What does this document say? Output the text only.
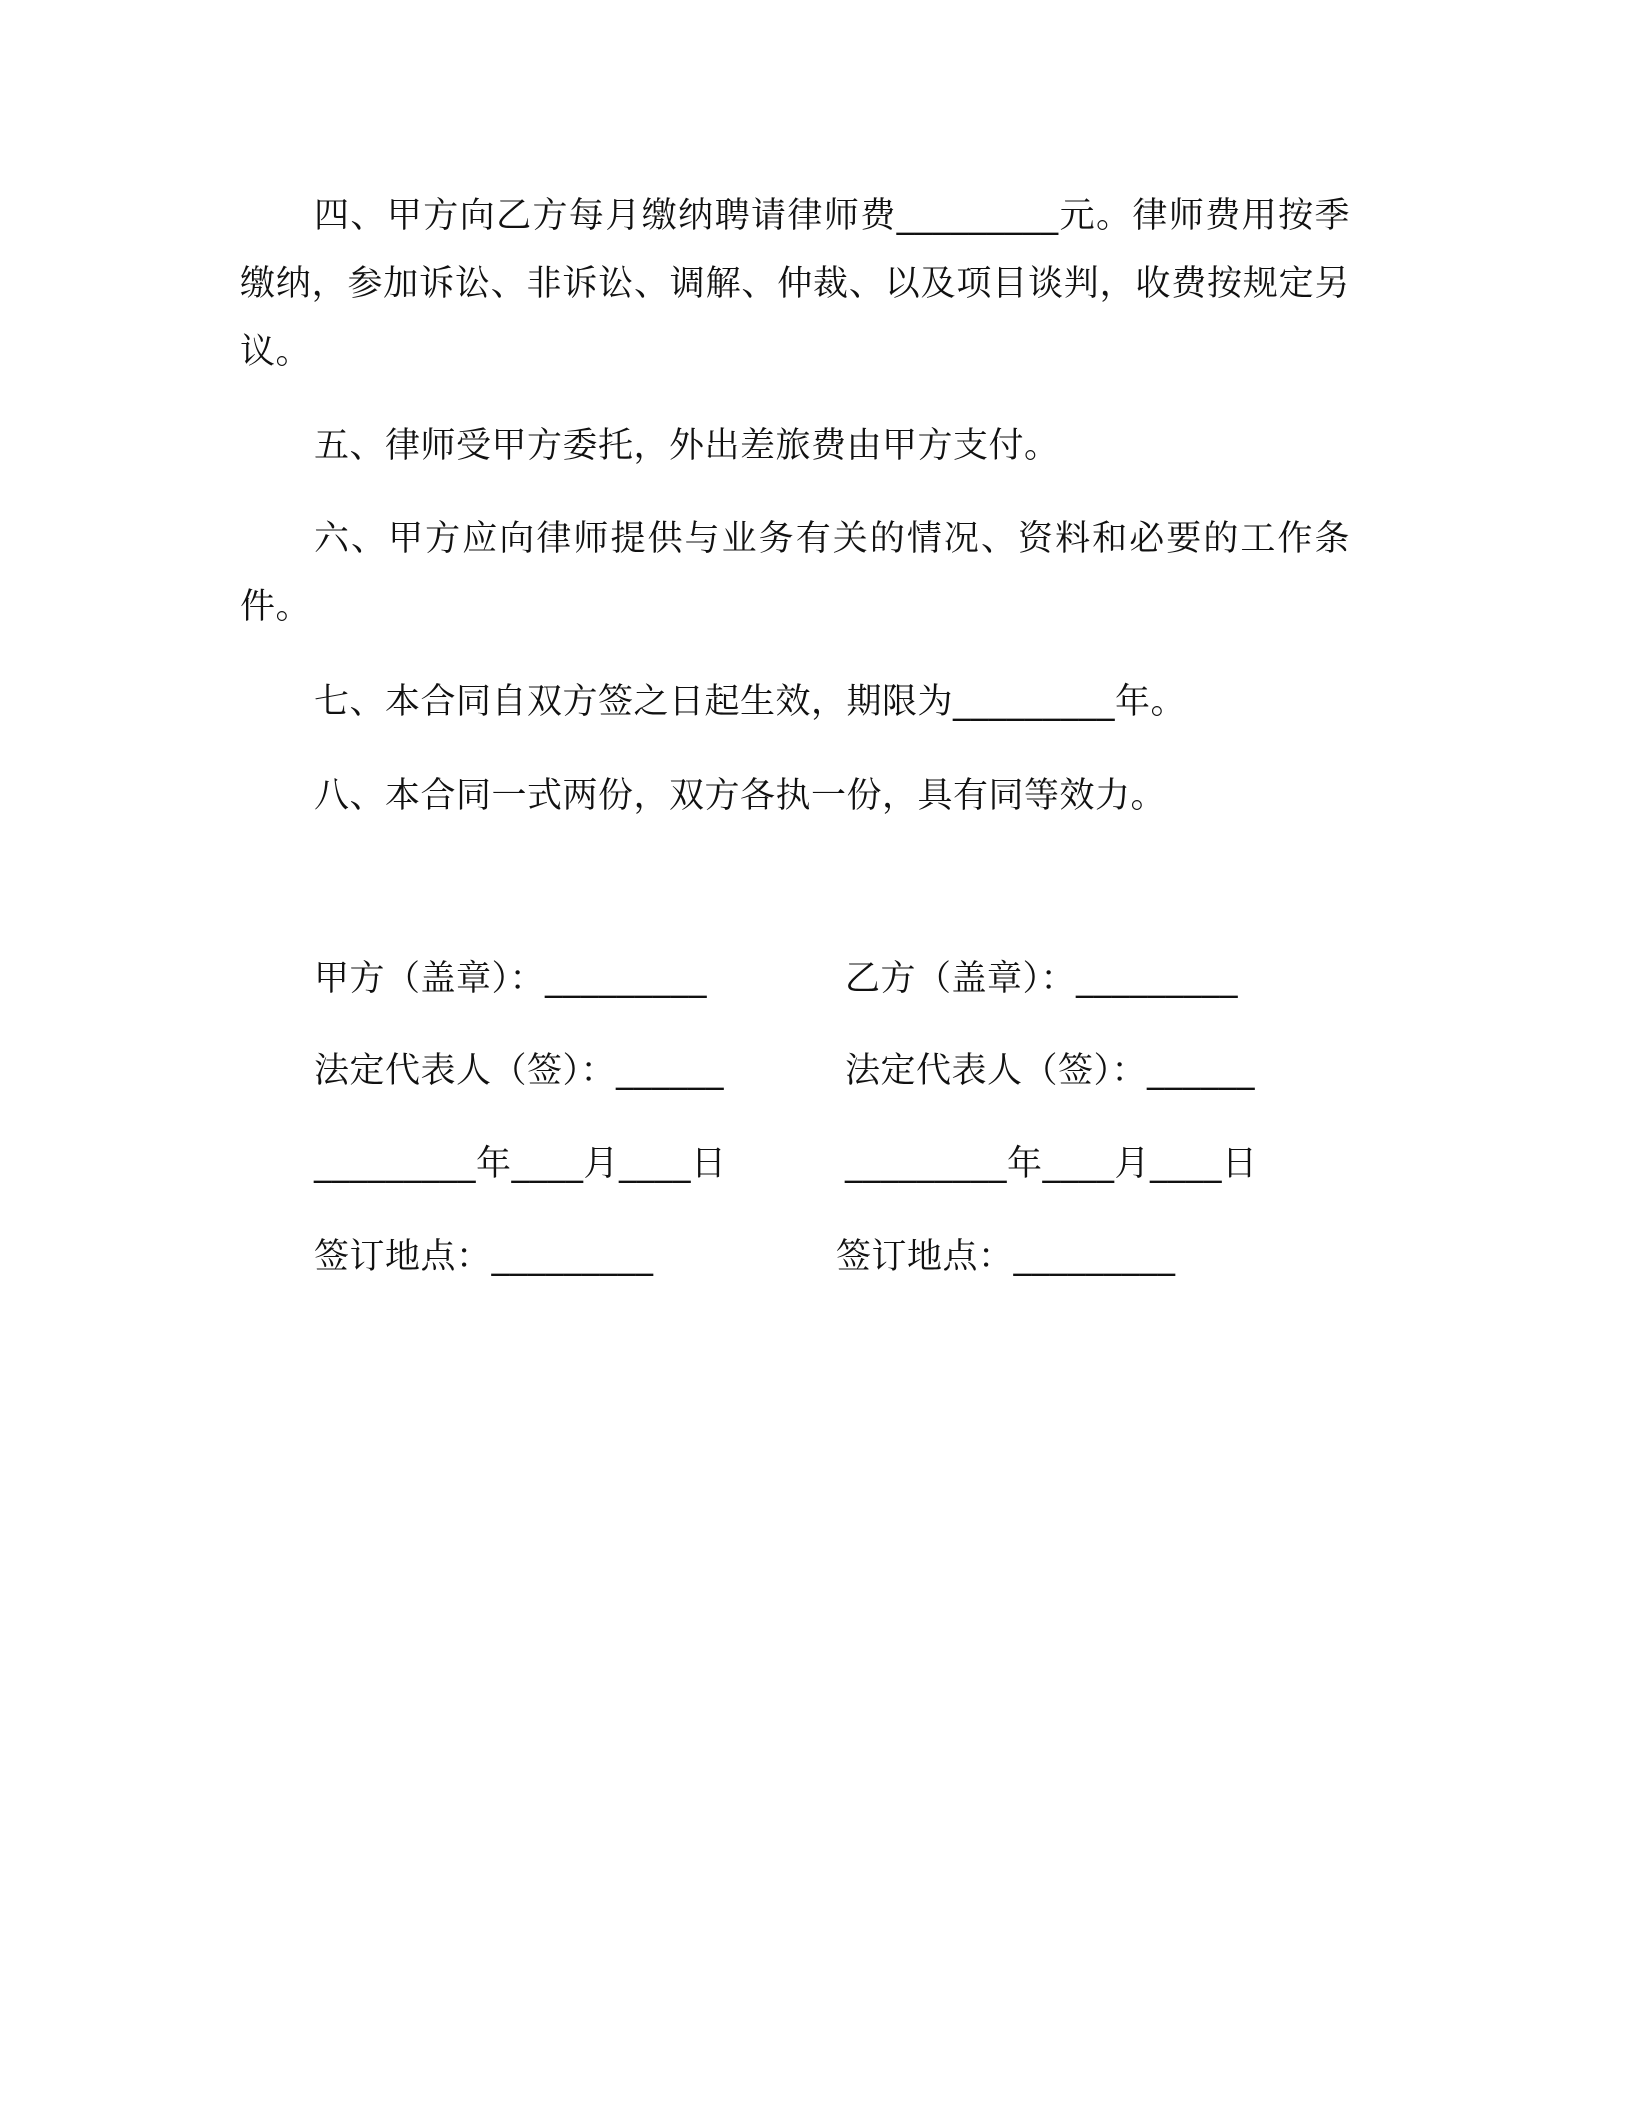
四、甲方向乙方每月缴纳聘请律师费_________元。律师费用按季缴纳，参加诉讼、非诉讼、调解、仲裁、以及项目谈判，收费按规定另议。

五、律师受甲方委托，外出差旅费由甲方支付。

六、甲方应向律师提供与业务有关的情况、资料和必要的工作条件。

七、本合同自双方签之日起生效，期限为_________年。

八、本合同一式两份，双方各执一份，具有同等效力。

甲方（盖章）：_________	乙方（盖章）：_________
法定代表人（签）：______	法定代表人（签）：______
_________年____月____日	_________年____月____日
签订地点：_________	签订地点：_________
